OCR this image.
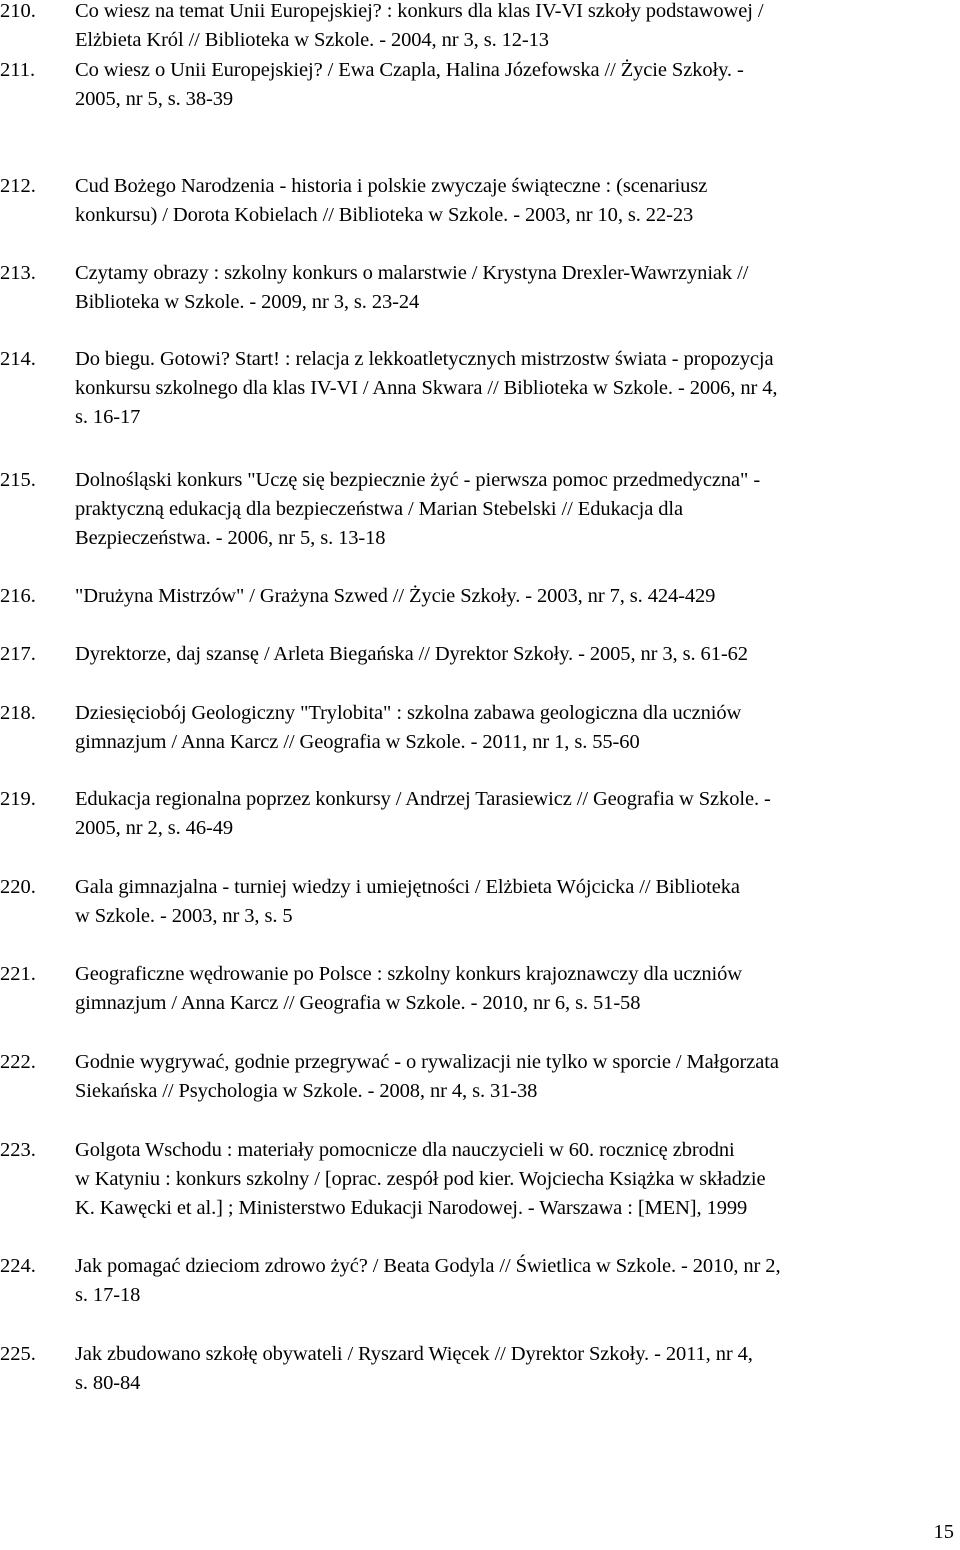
210.	Co wiesz na temat Unii Europejskiej? : konkurs dla klas IV-VI szkoły podstawowej /
Elżbieta Król // Biblioteka w Szkole. - 2004, nr 3, s. 12-13
211.	Co wiesz o Unii Europejskiej? / Ewa Czapla, Halina Józefowska // Życie Szkoły. -
2005, nr 5, s. 38-39
212.	Cud Bożego Narodzenia - historia i polskie zwyczaje świąteczne : (scenariusz
konkursu) / Dorota Kobielach // Biblioteka w Szkole. - 2003, nr 10, s. 22-23
213.	Czytamy obrazy : szkolny konkurs o malarstwie / Krystyna Drexler-Wawrzyniak //
Biblioteka w Szkole. - 2009, nr 3, s. 23-24
214.	Do biegu. Gotowi? Start! : relacja z lekkoatletycznych mistrzostw świata - propozycja
konkursu szkolnego dla klas IV-VI / Anna Skwara // Biblioteka w Szkole. - 2006, nr 4,
s. 16-17
215.	Dolnośląski konkurs "Uczę się bezpiecznie żyć - pierwsza pomoc przedmedyczna" -
praktyczną edukacją dla bezpieczeństwa / Marian Stebelski // Edukacja dla
Bezpieczeństwa. - 2006, nr 5, s. 13-18
216.	"Drużyna Mistrzów" / Grażyna Szwed // Życie Szkoły. - 2003, nr 7, s. 424-429
217.	Dyrektorze, daj szansę / Arleta Biegańska // Dyrektor Szkoły. - 2005, nr 3, s. 61-62
218.	Dziesięciobój Geologiczny "Trylobita" : szkolna zabawa geologiczna dla uczniów
gimnazjum / Anna Karcz // Geografia w Szkole. - 2011, nr 1, s. 55-60
219.	Edukacja regionalna poprzez konkursy / Andrzej Tarasiewicz // Geografia w Szkole. -
2005, nr 2, s. 46-49
220.	Gala gimnazjalna - turniej wiedzy i umiejętności / Elżbieta Wójcicka // Biblioteka
w Szkole. - 2003, nr 3, s. 5
221.	Geograficzne wędrowanie po Polsce : szkolny konkurs krajoznawczy dla uczniów
gimnazjum / Anna Karcz // Geografia w Szkole. - 2010, nr 6, s. 51-58
222.	Godnie wygrywać, godnie przegrywać - o rywalizacji nie tylko w sporcie / Małgorzata
Siekańska // Psychologia w Szkole. - 2008, nr 4, s. 31-38
223.	Golgota Wschodu : materiały pomocnicze dla nauczycieli w 60. rocznicę zbrodni
w Katyniu : konkurs szkolny / [oprac. zespół pod kier. Wojciecha Książka w składzie
K. Kawęcki et al.] ; Ministerstwo Edukacji Narodowej. - Warszawa : [MEN], 1999
224.	Jak pomagać dzieciom zdrowo żyć? / Beata Godyla // Świetlica w Szkole. - 2010, nr 2,
s. 17-18
225.	Jak zbudowano szkołę obywateli / Ryszard Więcek // Dyrektor Szkoły. - 2011, nr 4,
s. 80-84
15
